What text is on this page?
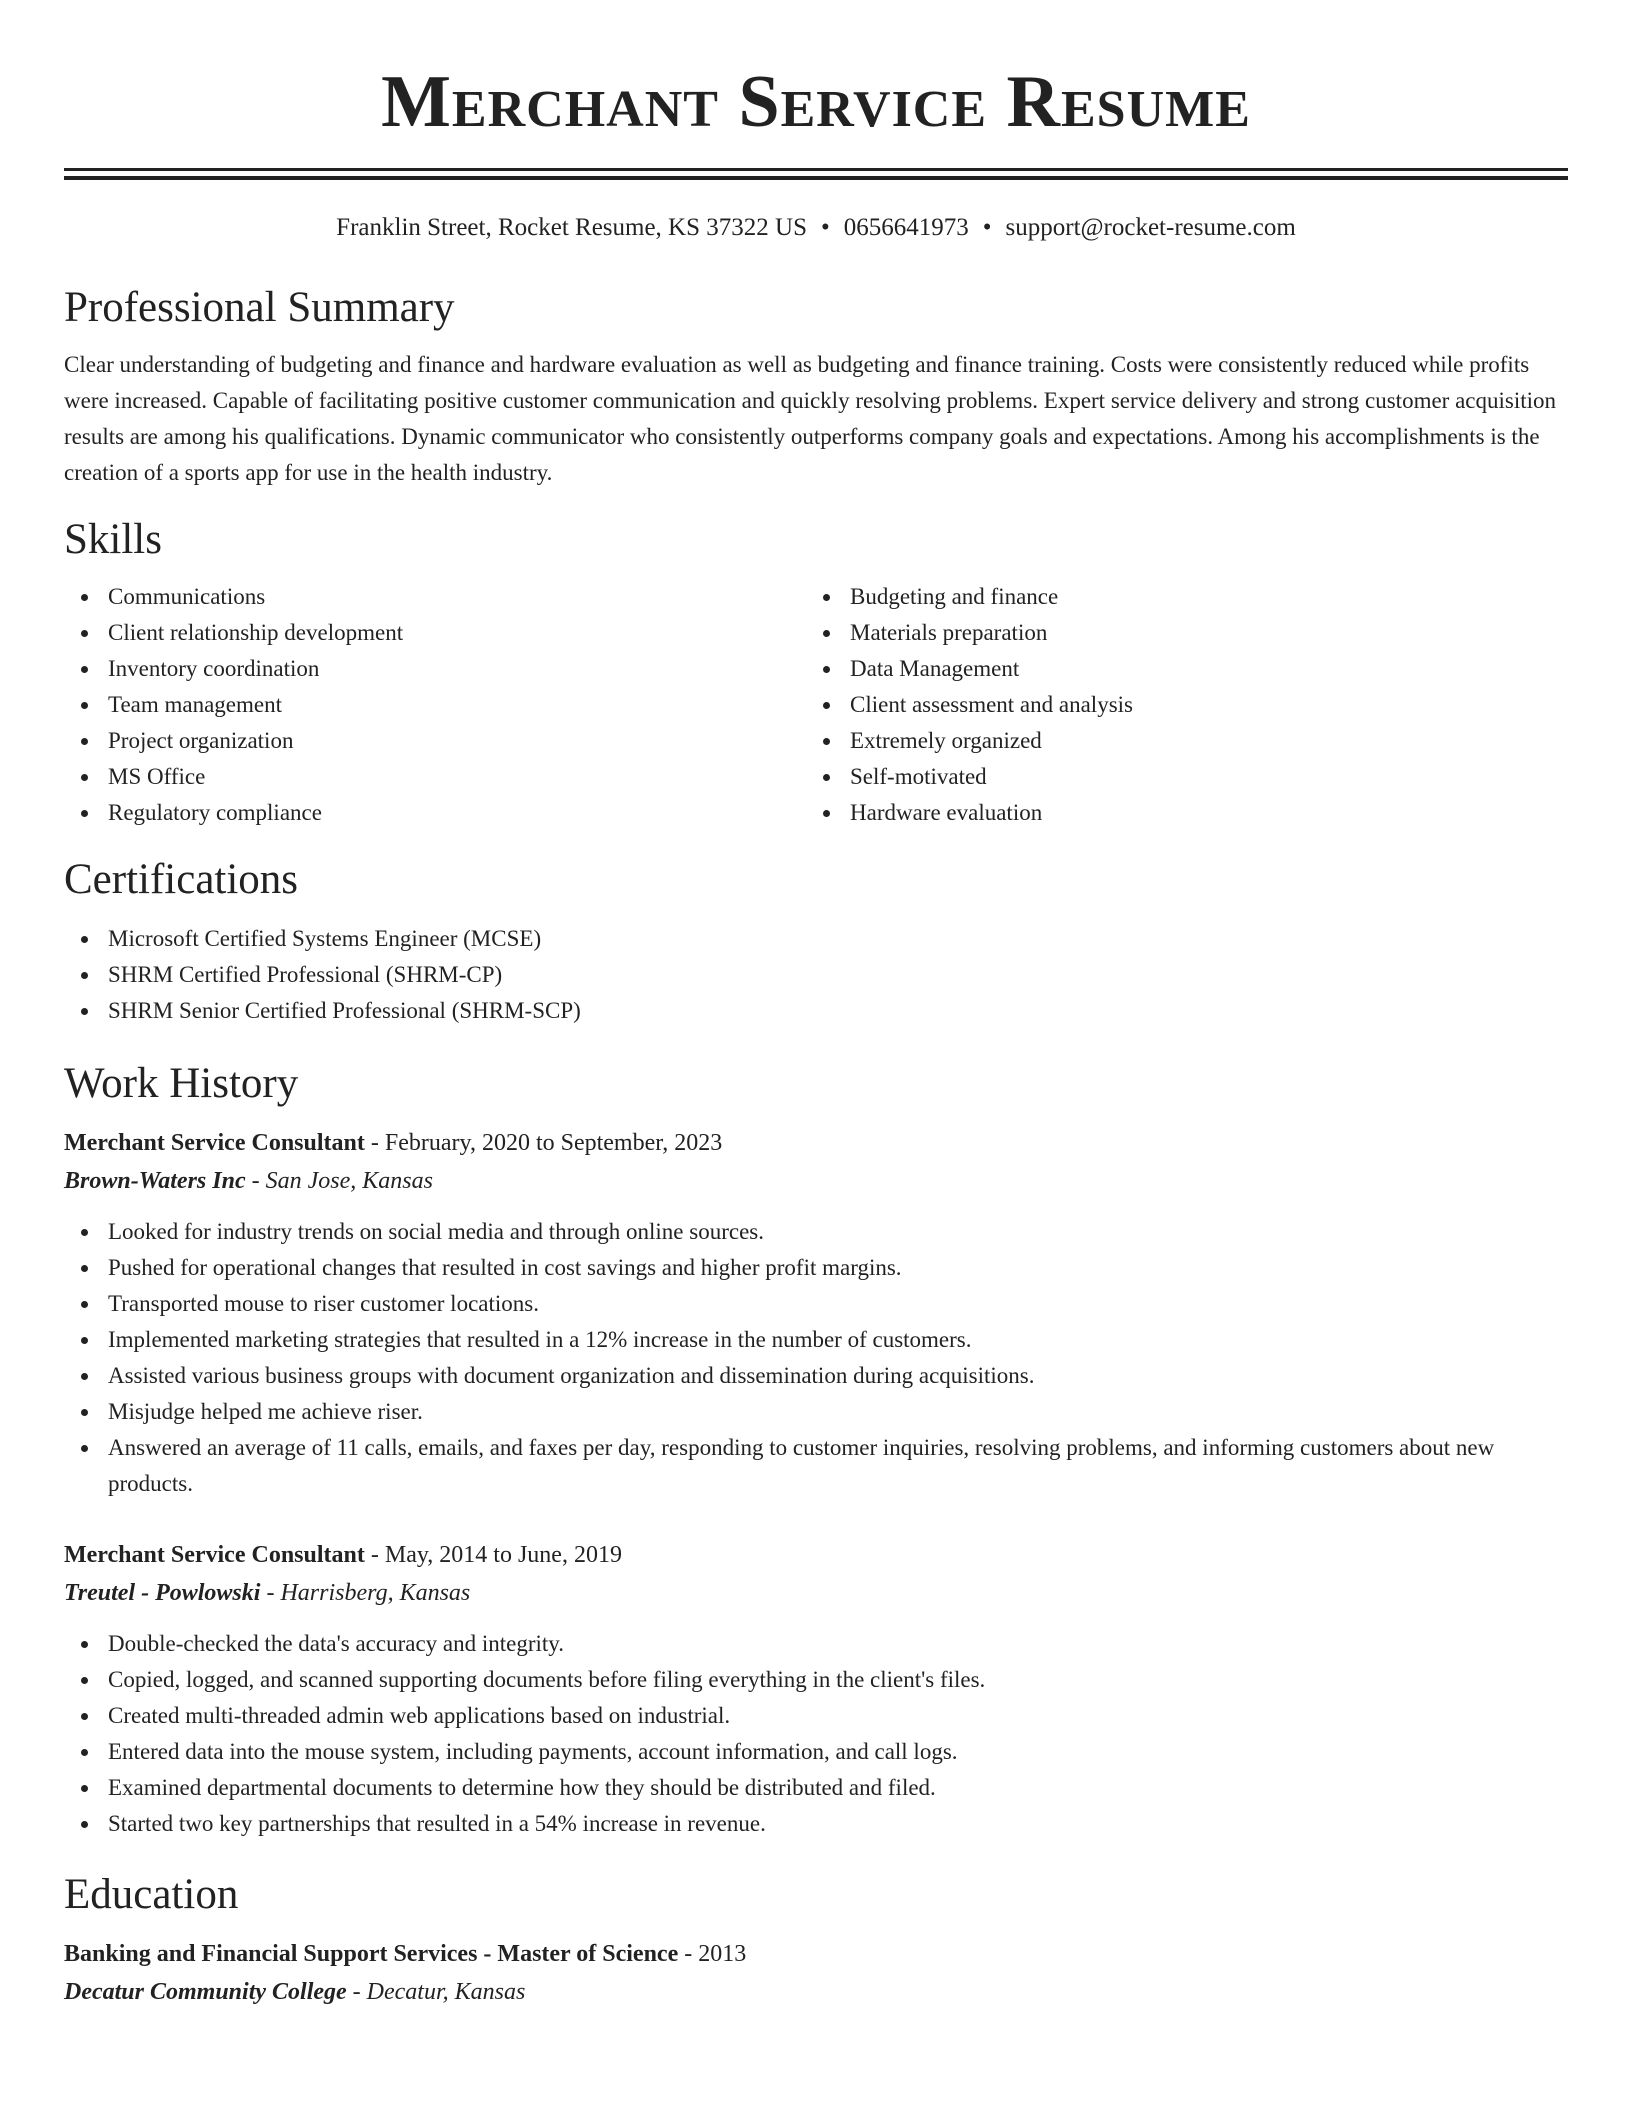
Merchant Service Resume
Franklin Street, Rocket Resume, KS 37322 US • 0656641973 • support@rocket-resume.com
Professional Summary

Clear understanding of budgeting and finance and hardware evaluation as well as budgeting and finance training. Costs were consistently reduced while profits were increased. Capable of facilitating positive customer communication and quickly resolving problems. Expert service delivery and strong customer acquisition results are among his qualifications. Dynamic communicator who consistently outperforms company goals and expectations. Among his accomplishments is the creation of a sports app for use in the health industry.

Skills
Communications
Client relationship development
Inventory coordination
Team management
Project organization
MS Office
Regulatory compliance
Budgeting and finance
Materials preparation
Data Management
Client assessment and analysis
Extremely organized
Self-motivated
Hardware evaluation
Certifications
Microsoft Certified Systems Engineer (MCSE)
SHRM Certified Professional (SHRM-CP)
SHRM Senior Certified Professional (SHRM-SCP)
Work History
Merchant Service Consultant - February, 2020 to September, 2023
Brown-Waters Inc - San Jose, Kansas
Looked for industry trends on social media and through online sources.
Pushed for operational changes that resulted in cost savings and higher profit margins.
Transported mouse to riser customer locations.
Implemented marketing strategies that resulted in a 12% increase in the number of customers.
Assisted various business groups with document organization and dissemination during acquisitions.
Misjudge helped me achieve riser.
Answered an average of 11 calls, emails, and faxes per day, responding to customer inquiries, resolving problems, and informing customers about new products.
Merchant Service Consultant - May, 2014 to June, 2019
Treutel - Powlowski - Harrisberg, Kansas
Double-checked the data's accuracy and integrity.
Copied, logged, and scanned supporting documents before filing everything in the client's files.
Created multi-threaded admin web applications based on industrial.
Entered data into the mouse system, including payments, account information, and call logs.
Examined departmental documents to determine how they should be distributed and filed.
Started two key partnerships that resulted in a 54% increase in revenue.
Education
Banking and Financial Support Services - Master of Science - 2013
Decatur Community College - Decatur, Kansas
